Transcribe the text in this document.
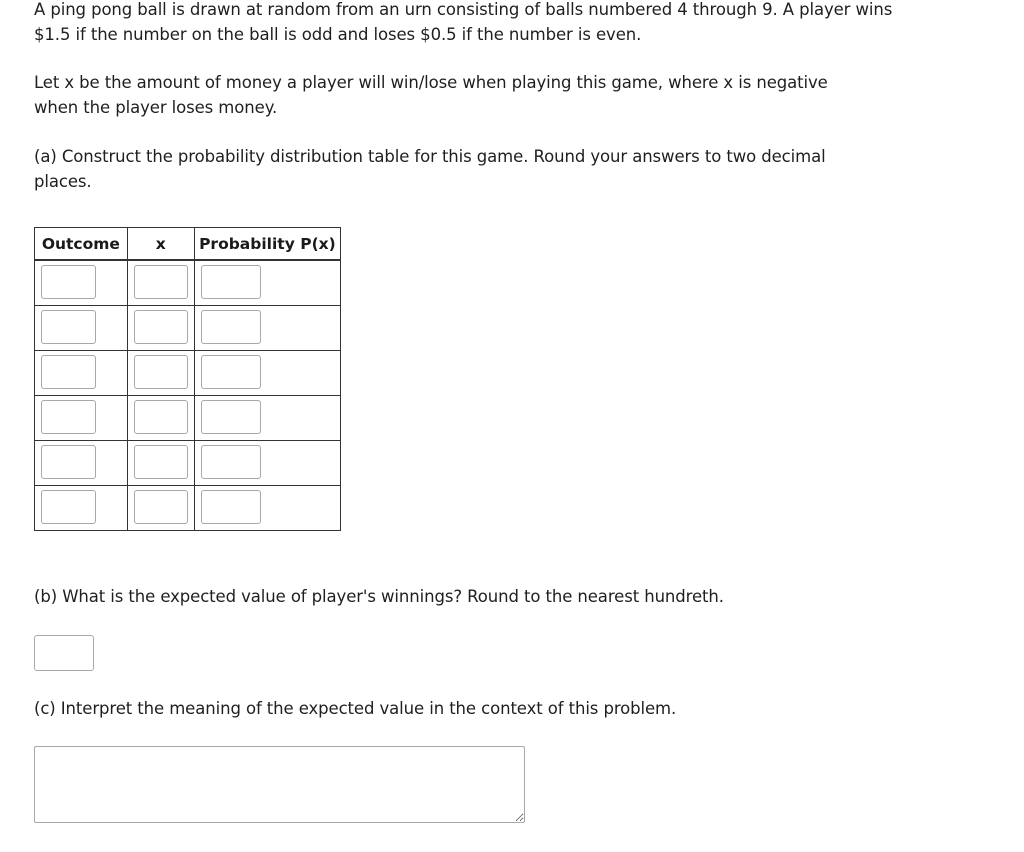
A ping pong ball is drawn at random from an urn consisting of balls numbered 4 through 9. A player wins $1.5 if the number on the ball is odd and loses $0.5 if the number is even.

Let x be the amount of money a player will win/lose when playing this game, where x is negative when the player loses money.

(a) Construct the probability distribution table for this game. Round your answers to two decimal places.

Outcome	x	Probability P(x)

(b) What is the expected value of player's winnings? Round to the nearest hundreth.

(c) Interpret the meaning of the expected value in the context of this problem.
